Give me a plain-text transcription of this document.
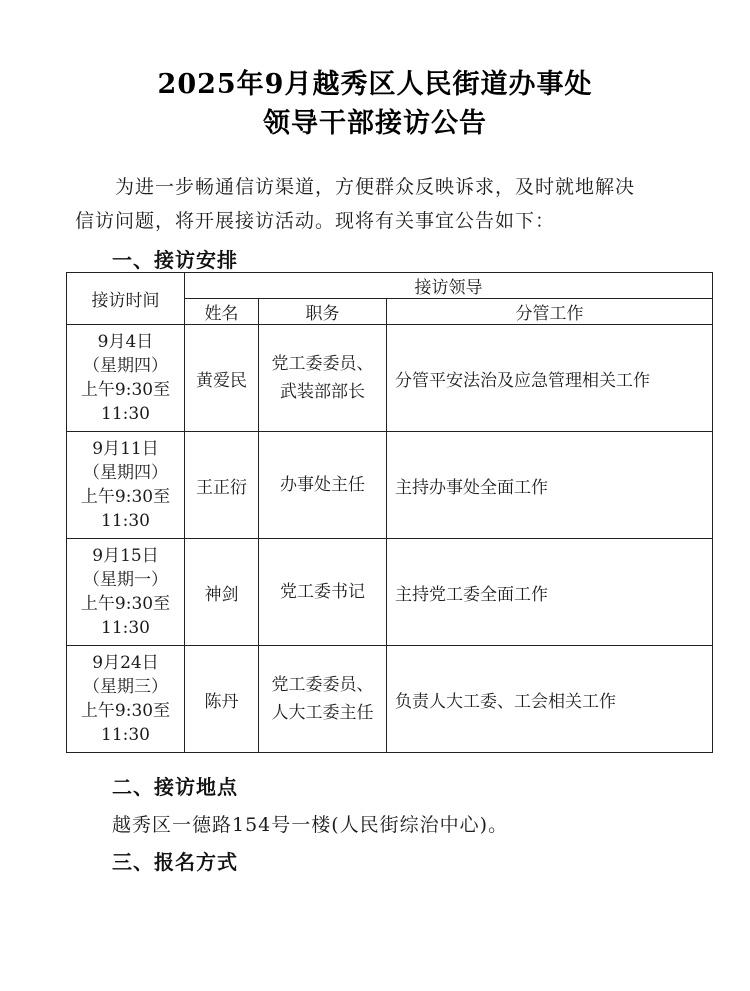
2025年9月越秀区人民街道办事处
领导干部接访公告
为进一步畅通信访渠道，方便群众反映诉求，及时就地解决
信访问题，将开展接访活动。现将有关事宜公告如下：
一、接访安排
接访时间	接访领导		
	姓名	职务	分管工作

9月4日
（星期四）
上午9:30至
11:30	黄爱民	党工委委员、
武装部部长	分管平安法治及应急管理相关工作

9月11日
（星期四）
上午9:30至
11:30	王正衍	办事处主任	主持办事处全面工作

9月15日
（星期一）
上午9:30至
11:30	神剑	党工委书记	主持党工委全面工作

9月24日
（星期三）
上午9:30至
11:30	陈丹	党工委委员、
人大工委主任	负责人大工委、工会相关工作
二、接访地点
越秀区一德路154号一楼(人民街综治中心)。
三、报名方式
